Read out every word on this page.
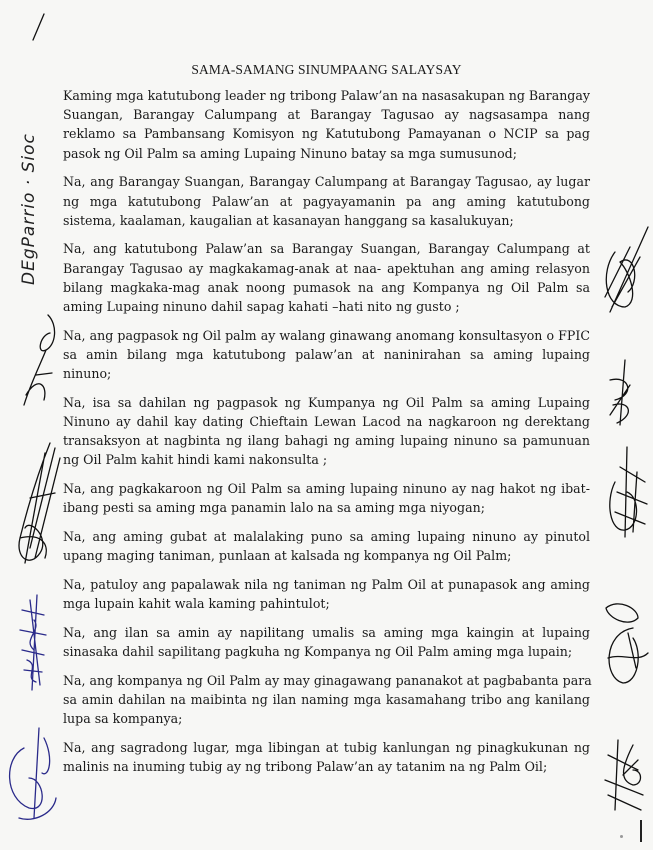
SAMA-SAMANG SINUMPAANG SALAYSAY
Kaming mga katutubong leader ng tribong Palaw’an na nasasakupan ng Barangay
Suangan, Barangay Calumpang at Barangay Tagusao ay nagsasampa nang
reklamo sa Pambansang Komisyon ng Katutubong Pamayanan o NCIP sa pag
pasok ng Oil Palm sa aming Lupaing Ninuno batay sa mga sumusunod;
Na, ang Barangay Suangan, Barangay Calumpang at Barangay Tagusao, ay lugar
ng mga katutubong Palaw’an at pagyayamanin pa ang aming katutubong
sistema, kaalaman, kaugalian at kasanayan hanggang sa kasalukuyan;
Na, ang katutubong Palaw’an sa Barangay Suangan, Barangay Calumpang at
Barangay Tagusao ay magkakamag-anak at naa- apektuhan ang aming relasyon
bilang magkaka-mag anak noong pumasok na ang Kompanya ng Oil Palm sa
aming Lupaing ninuno dahil sapag kahati –hati nito ng gusto ;
Na, ang pagpasok ng Oil palm ay walang ginawang anomang konsultasyon o FPIC
sa amin bilang mga katutubong palaw’an at naninirahan sa aming lupaing
ninuno;
Na, isa sa dahilan ng pagpasok ng Kumpanya ng Oil Palm sa aming Lupaing
Ninuno ay dahil kay dating Chieftain Lewan Lacod na nagkaroon ng derektang
transaksyon at nagbinta ng ilang bahagi ng aming lupaing ninuno sa pamunuan
ng Oil Palm kahit hindi kami nakonsulta ;
Na, ang pagkakaroon ng Oil Palm sa aming lupaing ninuno ay nag hakot ng ibat-
ibang pesti sa aming mga panamin lalo na sa aming mga niyogan;
Na, ang aming gubat at malalaking puno sa aming lupaing ninuno ay pinutol
upang maging taniman, punlaan at kalsada ng kompanya ng Oil Palm;
Na, patuloy ang papalawak nila ng taniman ng Palm Oil at punapasok ang aming
mga lupain kahit wala kaming pahintulot;
Na, ang ilan sa amin ay napilitang umalis sa aming mga kaingin at lupaing
sinasaka dahil sapilitang pagkuha ng Kompanya ng Oil Palm aming mga lupain;
Na, ang kompanya ng Oil Palm ay may ginagawang pananakot at pagbabanta para
sa amin dahilan na maibinta ng ilan naming mga kasamahang tribo ang kanilang
lupa sa kompanya;
Na, ang sagradong lugar, mga libingan at tubig kanlungan ng pinagkukunan ng
malinis na inuming tubig ay ng tribong Palaw’an ay tatanim na ng Palm Oil;
DEgParrio · Sioc
